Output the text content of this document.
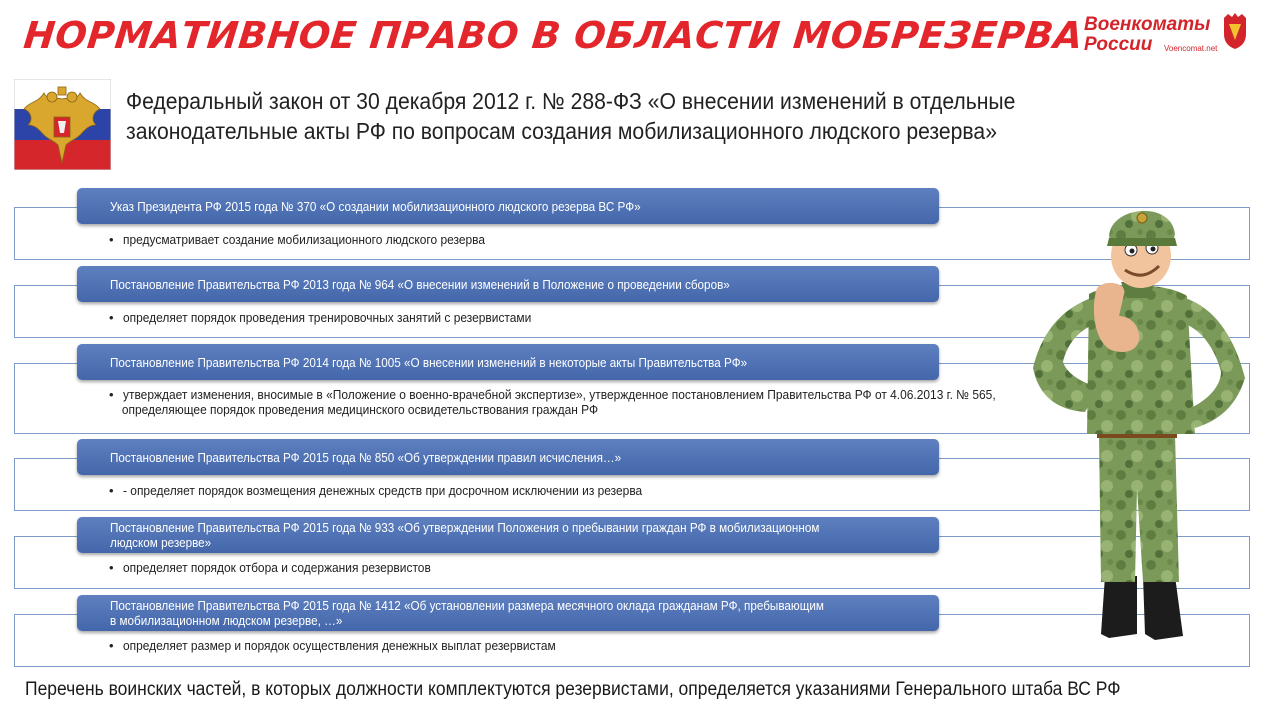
НОРМАТИВНОЕ ПРАВО В ОБЛАСТИ МОБРЕЗЕРВА
Военкоматы
России Voencomat.net
Федеральный закон от 30 декабря 2012 г. № 288-ФЗ «О внесении изменений в отдельные
законодательные акты РФ по вопросам создания мобилизационного людского резерва»
Указ Президента РФ 2015 года № 370 «О создании мобилизационного людского резерва ВС РФ»
• предусматривает создание мобилизационного людского резерва
Постановление Правительства РФ 2013 года № 964 «О внесении изменений в Положение о проведении сборов»
• определяет порядок проведения тренировочных занятий с резервистами
Постановление Правительства РФ 2014 года № 1005 «О внесении изменений в некоторые акты Правительства РФ»
• утверждает изменения, вносимые в «Положение о военно-врачебной экспертизе», утвержденное постановлением Правительства РФ от 4.06.2013 г. № 565,
определяющее порядок проведения медицинского освидетельствования граждан РФ
Постановление Правительства РФ 2015 года № 850 «Об утверждении правил исчисления…»
• - определяет порядок возмещения денежных средств при досрочном исключении из резерва
Постановление Правительства РФ 2015 года № 933 «Об утверждении Положения о пребывании граждан РФ в мобилизационном
людском резерве»
• определяет порядок отбора и содержания резервистов
Постановление Правительства РФ 2015 года № 1412 «Об установлении размера месячного оклада гражданам РФ, пребывающим
в мобилизационном людском резерве, …»
• определяет размер и порядок осуществления денежных выплат резервистам
Перечень воинских частей, в которых должности комплектуются резервистами, определяется указаниями Генерального штаба ВС РФ
